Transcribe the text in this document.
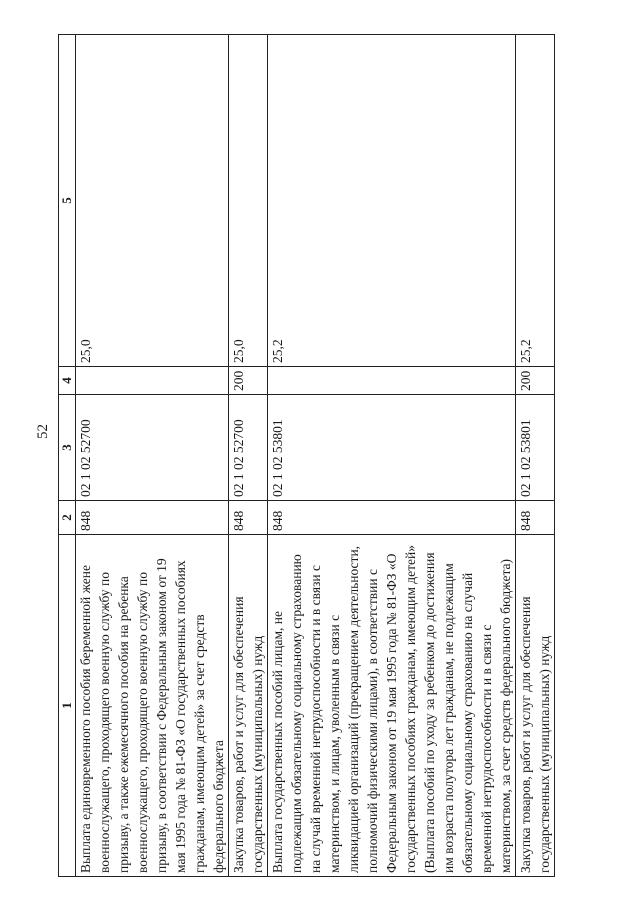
52
1	2	3	4	5
Выплата единовременного пособия беременной жене военнослужащего, проходящего военную службу по призыву, а также ежемесячного пособия на ребенка военнослужащего, проходящего военную службу по призыву, в соответствии с Федеральным законом от 19 мая 1995 года № 81-ФЗ «О государственных пособиях гражданам, имеющим детей» за счет средств федерального бюджета	848	02 1 02 52700		25,0
Закупка товаров, работ и услуг для обеспечения государственных (муниципальных) нужд	848	02 1 02 52700	200	25,0
Выплата государственных пособий лицам, не подлежащим обязательному социальному страхованию на случай временной нетрудоспособности и в связи с материнством, и лицам, уволенным в связи с ликвидацией организаций (прекращением деятельности, полномочий физическими лицами), в соответствии с Федеральным законом от 19 мая 1995 года № 81-ФЗ «О государственных пособиях гражданам, имеющим детей» (Выплата пособий по уходу за ребенком до достижения им возраста полутора лет гражданам, не подлежащим обязательному социальному страхованию на случай временной нетрудоспособности и в связи с материнством, за счет средств федерального бюджета)	848	02 1 02 53801		25,2
Закупка товаров, работ и услуг для обеспечения государственных (муниципальных) нужд	848	02 1 02 53801	200	25,2
